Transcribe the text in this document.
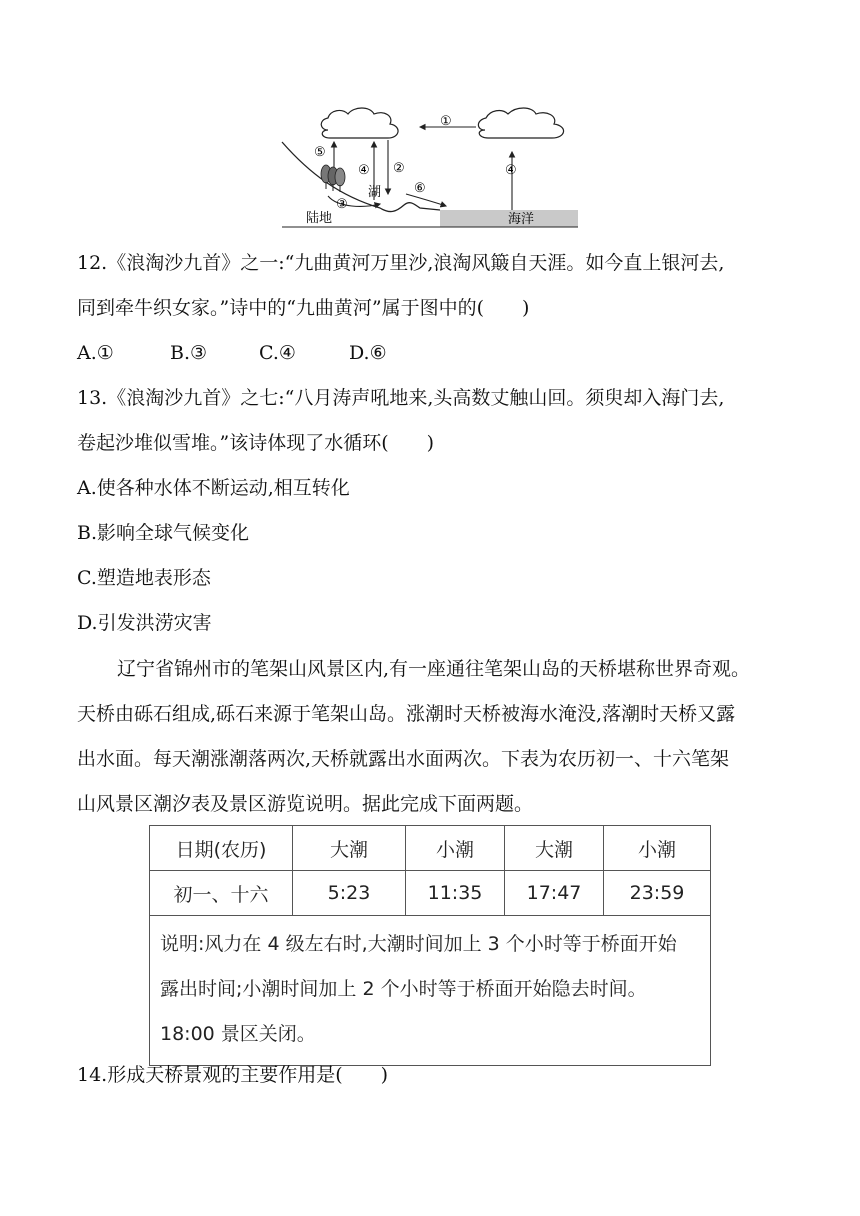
①
②
③
④	④
⑤
⑥
湖
陆地	海洋
12.《浪淘沙九首》之一:“九曲黄河万里沙,浪淘风簸自天涯。如今直上银河去,
同到牵牛织女家。”诗中的“九曲黄河”属于图中的(　　)
A.①	B.③	C.④	D.⑥
13.《浪淘沙九首》之七:“八月涛声吼地来,头高数丈触山回。须臾却入海门去,
卷起沙堆似雪堆。”该诗体现了水循环(　　)
A.使各种水体不断运动,相互转化
B.影响全球气候变化
C.塑造地表形态
D.引发洪涝灾害
辽宁省锦州市的笔架山风景区内,有一座通往笔架山岛的天桥堪称世界奇观。
天桥由砾石组成,砾石来源于笔架山岛。涨潮时天桥被海水淹没,落潮时天桥又露
出水面。每天潮涨潮落两次,天桥就露出水面两次。下表为农历初一、十六笔架
山风景区潮汐表及景区游览说明。据此完成下面两题。
日期(农历)	大潮	小潮	大潮	小潮
初一、十六	5:23	11:35	17:47	23:59

说明:风力在 4 级左右时,大潮时间加上 3 个小时等于桥面开始
露出时间;小潮时间加上 2 个小时等于桥面开始隐去时间。
18:00 景区关闭。				
14.形成天桥景观的主要作用是(　　)
